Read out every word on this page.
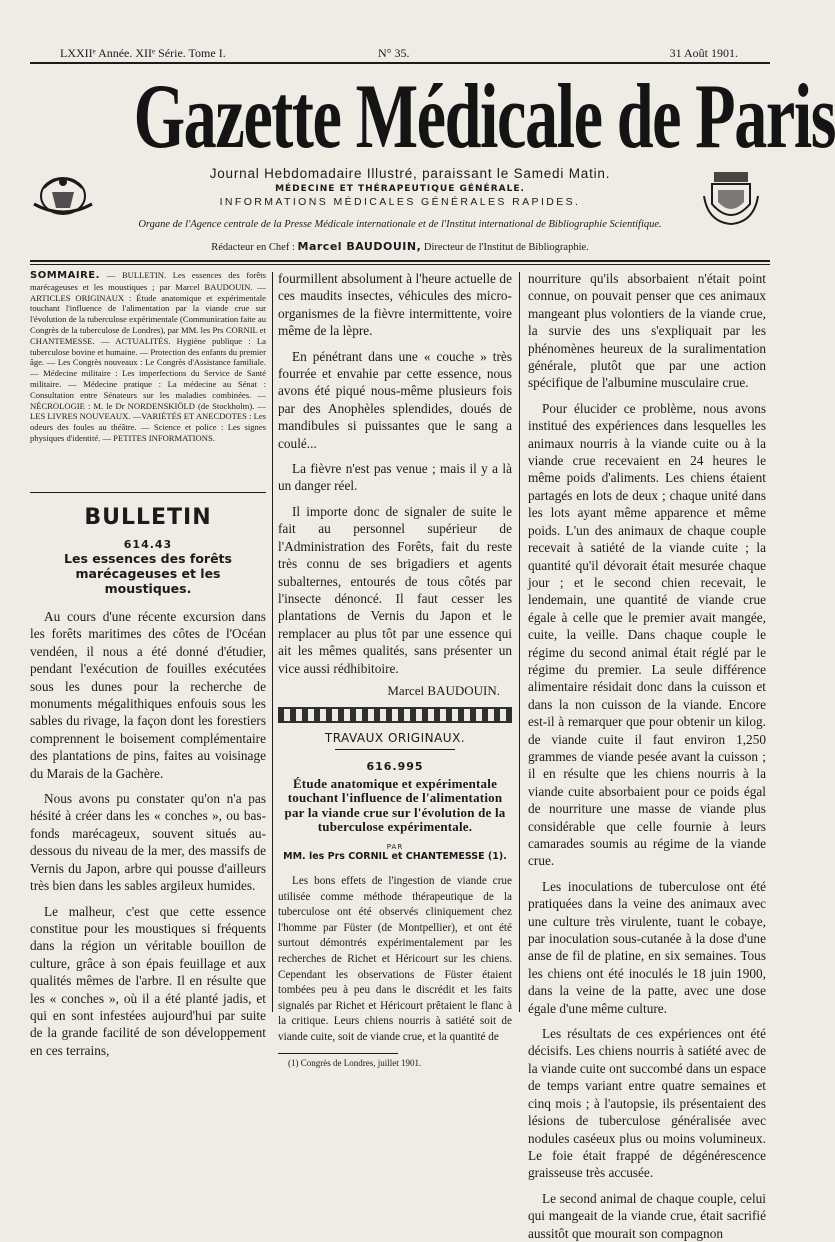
LXXIIᵉ Année. XIIᵉ Série. Tome I.	N° 35.	31 Août 1901.
Gazette Médicale de Paris
Journal Hebdomadaire Illustré, paraissant le Samedi Matin.
MÉDECINE ET THÉRAPEUTIQUE GÉNÉRALE.
INFORMATIONS MÉDICALES GÉNÉRALES RAPIDES.
Organe de l'Agence centrale de la Presse Médicale internationale et de l'Institut international de Bibliographie Scientifique.
Rédacteur en Chef : Marcel BAUDOUIN, Directeur de l'Institut de Bibliographie.
SOMMAIRE. — BULLETIN. Les essences des forêts marécageuses et les moustiques ; par Marcel BAUDOUIN. — ARTICLES ORIGINAUX : Étude anatomique et expérimentale touchant l'influence de l'alimentation par la viande crue sur l'évolution de la tuberculose expérimentale (Communication faite au Congrès de la tuberculose de Londres), par MM. les Prs CORNIL et CHANTEMESSE. — ACTUALITÉS. Hygiène publique : La tuberculose bovine et humaine. — Protection des enfants du premier âge. — Les Congrès nouveaux : Le Congrès d'Assistance familiale. — Médecine militaire : Les imperfections du Service de Santé militaire. — Médecine pratique : La médecine au Sénat : Consultation entre Sénateurs sur les maladies combinées. — NÉCROLOGIE : M. le Dr NORDENSKIÖLD (de Stockholm). — LES LIVRES NOUVEAUX. —VARIÉTÉS ET ANECDOTES : Les odeurs des foules au théâtre. — Science et police : Les signes physiques d'identité. — PETITES INFORMATIONS.
BULLETIN
614.43
Les essences des forêts marécageuses et les moustiques.

Au cours d'une récente excursion dans les forêts maritimes des côtes de l'Océan vendéen, il nous a été donné d'étudier, pendant l'exécution de fouilles exécutées sous les dunes pour la recherche de monuments mégalithiques enfouis sous les sables du rivage, la façon dont les forestiers comprennent le boisement complémentaire des plantations de pins, faites au voisinage du Marais de la Gachère.

Nous avons pu constater qu'on n'a pas hésité à créer dans les « conches », ou bas-fonds marécageux, souvent situés au-dessous du niveau de la mer, des massifs de Vernis du Japon, arbre qui pousse d'ailleurs très bien dans les sables argileux humides.

Le malheur, c'est que cette essence constitue pour les moustiques si fréquents dans la région un véritable bouillon de culture, grâce à son épais feuillage et aux qualités mêmes de l'arbre. Il en résulte que les « conches », où il a été planté jadis, et qui en sont infestées aujourd'hui par suite de la grande facilité de son développement en ces terrains,

fourmillent absolument à l'heure actuelle de ces maudits insectes, véhicules des micro-organismes de la fièvre intermittente, voire même de la lèpre.

En pénétrant dans une « couche » très fourrée et envahie par cette essence, nous avons été piqué nous-même plusieurs fois par des Anophèles splendides, doués de mandibules si puissantes que le sang a coulé...

La fièvre n'est pas venue ; mais il y a là un danger réel.

Il importe donc de signaler de suite le fait au personnel supérieur de l'Administration des Forêts, fait du reste très connu de ses brigadiers et agents subalternes, entourés de tous côtés par l'insecte dénoncé. Il faut cesser les plantations de Vernis du Japon et le remplacer au plus tôt par une essence qui ait les mêmes qualités, sans présenter un vice aussi rédhibitoire.

Marcel BAUDOUIN.
TRAVAUX ORIGINAUX.
616.995
Étude anatomique et expérimentale touchant l'influence de l'alimentation par la viande crue sur l'évolution de la tuberculose expérimentale.
PAR
MM. les Prs CORNIL et CHANTEMESSE (1).

Les bons effets de l'ingestion de viande crue utilisée comme méthode thérapeutique de la tuberculose ont été observés cliniquement chez l'homme par Füster (de Montpellier), et ont été surtout démontrés expérimentalement par les recherches de Richet et Héricourt sur les chiens. Cependant les observations de Füster étaient tombées peu à peu dans le discrédit et les faits signalés par Richet et Héricourt prêtaient le flanc à la critique. Leurs chiens nourris à satiété soit de viande cuite, soit de viande crue, et la quantité de

(1) Congrès de Londres, juillet 1901.

nourriture qu'ils absorbaient n'était point connue, on pouvait penser que ces animaux mangeant plus volontiers de la viande crue, la survie des uns s'expliquait par les phénomènes heureux de la suralimentation générale, plutôt que par une action spécifique de l'albumine musculaire crue.

Pour élucider ce problème, nous avons institué des expériences dans lesquelles les animaux nourris à la viande cuite ou à la viande crue recevaient en 24 heures le même poids d'aliments. Les chiens étaient partagés en lots de deux ; chaque unité dans les lots ayant même apparence et même poids. L'un des animaux de chaque couple recevait à satiété de la viande cuite ; la quantité qu'il dévorait était mesurée chaque jour ; et le second chien recevait, le lendemain, une quantité de viande crue égale à celle que le premier avait mangée, cuite, la veille. Dans chaque couple le régime du second animal était réglé par le régime du premier. La seule différence alimentaire résidait donc dans la cuisson et dans la non cuisson de la viande. Encore est-il à remarquer que pour obtenir un kilog. de viande cuite il faut environ 1,250 grammes de viande pesée avant la cuisson ; il en résulte que les chiens nourris à la viande cuite absorbaient pour ce poids égal de nourriture une masse de viande plus considérable que celle fournie à leurs camarades soumis au régime de la viande crue.

Les inoculations de tuberculose ont été pratiquées dans la veine des animaux avec une culture très virulente, tuant le cobaye, par inoculation sous-cutanée à la dose d'une anse de fil de platine, en six semaines. Tous les chiens ont été inoculés le 18 juin 1900, dans la veine de la patte, avec une dose égale d'une même culture.

Les résultats de ces expériences ont été décisifs. Les chiens nourris à satiété avec de la viande cuite ont succombé dans un espace de temps variant entre quatre semaines et cinq mois ; à l'autopsie, ils présentaient des lésions de tuberculose généralisée avec nodules caséeux plus ou moins volumineux. Le foie était frappé de dégénérescence graisseuse très accusée.

Le second animal de chaque couple, celui qui mangeait de la viande crue, était sacrifié aussitôt que mourait son compagnon
